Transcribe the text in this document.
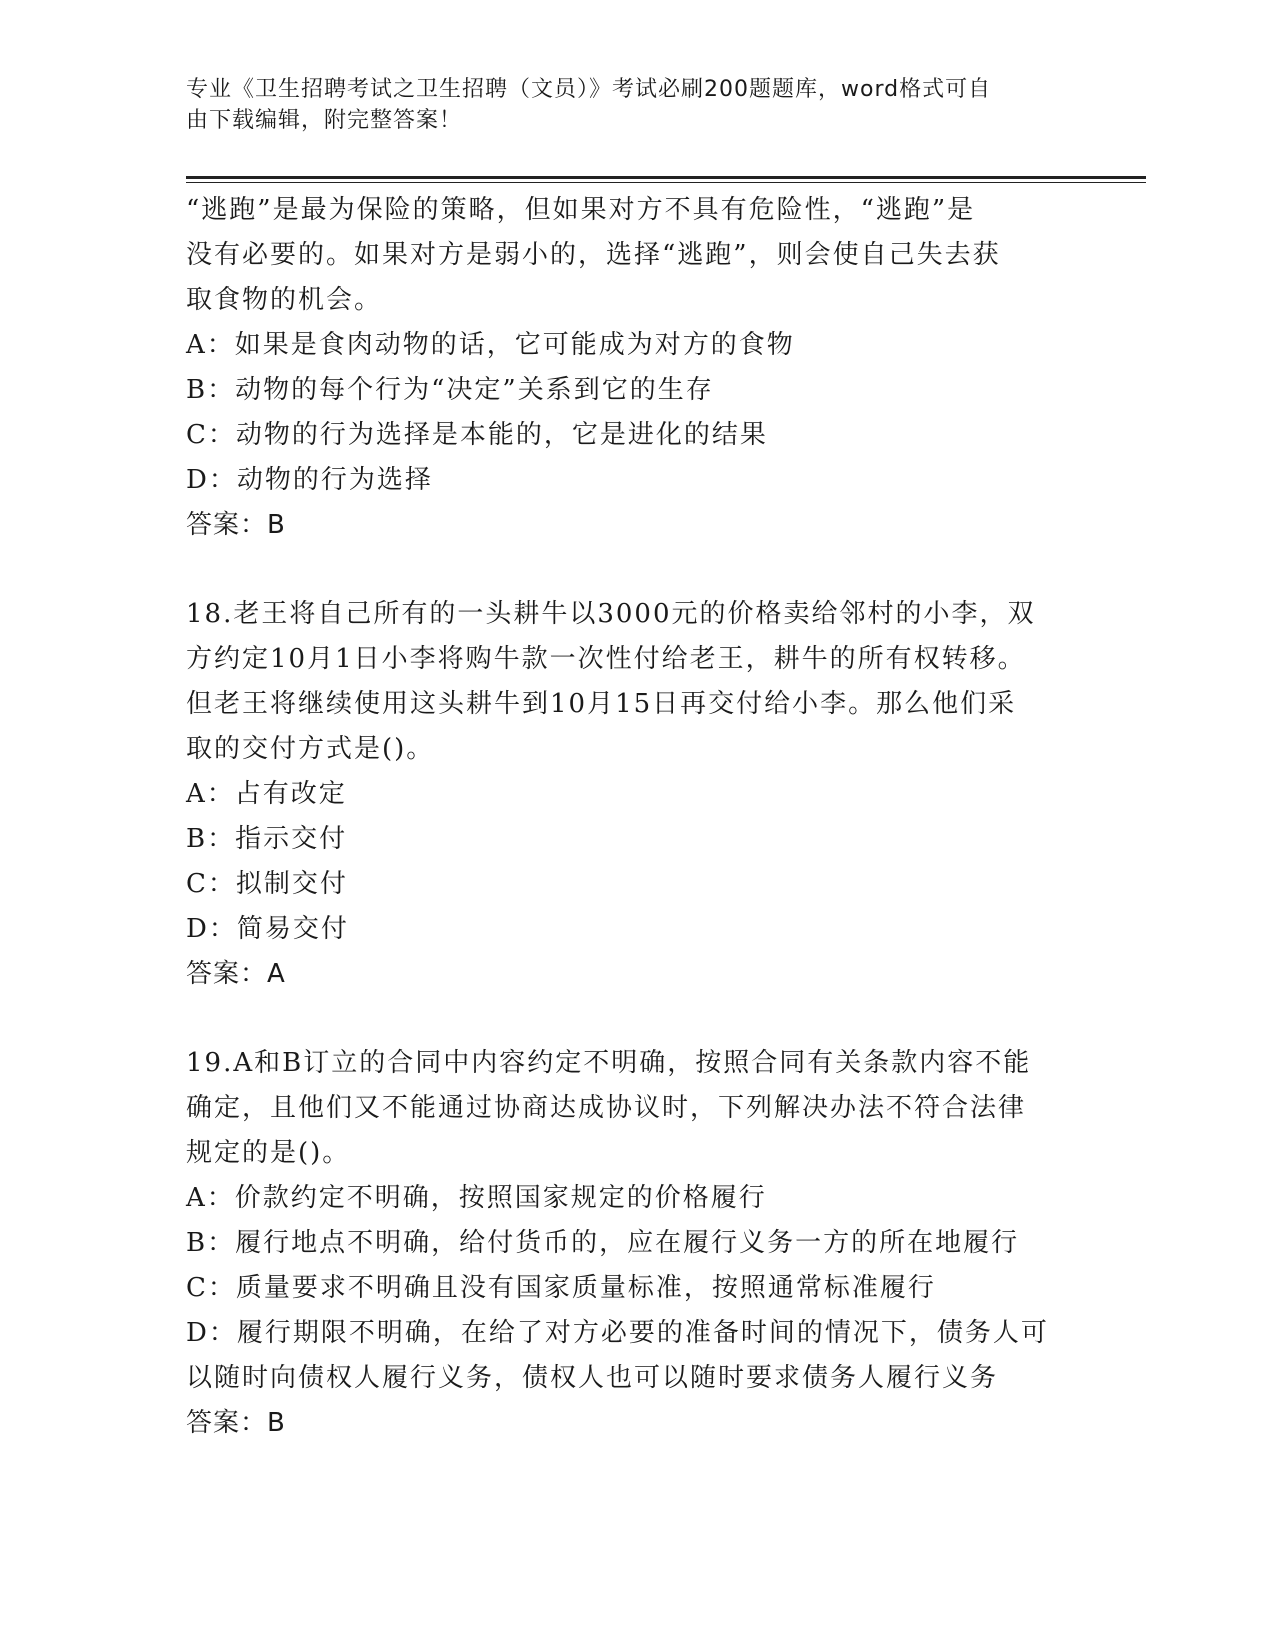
专业《卫生招聘考试之卫生招聘（文员）》考试必刷200题题库，word格式可自
由下载编辑，附完整答案！
“逃跑”是最为保险的策略，但如果对方不具有危险性，“逃跑”是
没有必要的。如果对方是弱小的，选择“逃跑”，则会使自己失去获
取食物的机会。
A：如果是食肉动物的话，它可能成为对方的食物
B：动物的每个行为“决定”关系到它的生存
C：动物的行为选择是本能的，它是进化的结果
D：动物的行为选择
答案：B
18.老王将自己所有的一头耕牛以3000元的价格卖给邻村的小李，双
方约定10月1日小李将购牛款一次性付给老王，耕牛的所有权转移。
但老王将继续使用这头耕牛到10月15日再交付给小李。那么他们采
取的交付方式是()。
A：占有改定
B：指示交付
C：拟制交付
D：简易交付
答案：A
19.A和B订立的合同中内容约定不明确，按照合同有关条款内容不能
确定，且他们又不能通过协商达成协议时，下列解决办法不符合法律
规定的是()。
A：价款约定不明确，按照国家规定的价格履行
B：履行地点不明确，给付货币的，应在履行义务一方的所在地履行
C：质量要求不明确且没有国家质量标准，按照通常标准履行
D：履行期限不明确，在给了对方必要的准备时间的情况下，债务人可
以随时向债权人履行义务，债权人也可以随时要求债务人履行义务
答案：B
